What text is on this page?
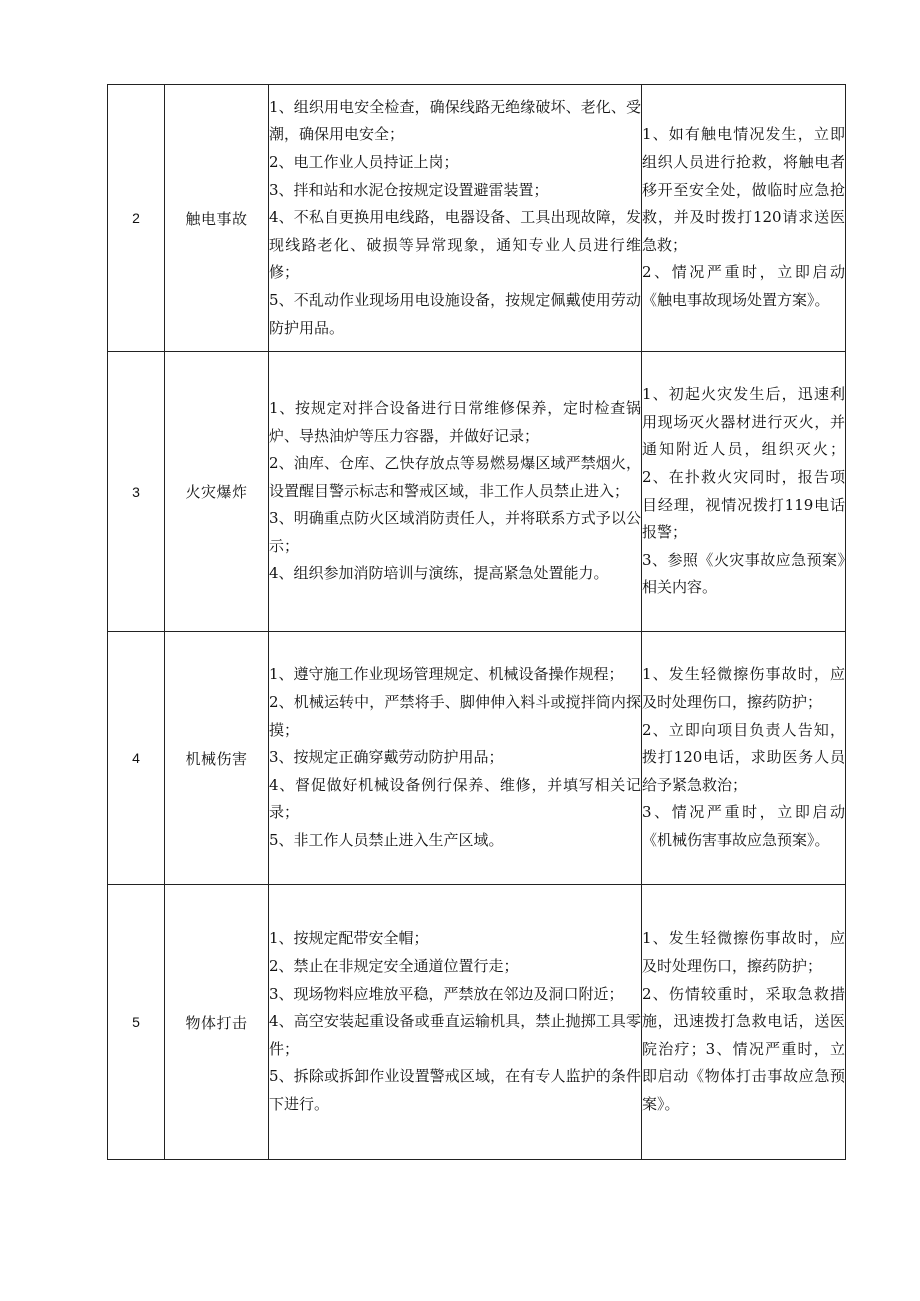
2	触电事故	1、组织用电安全检查，确保线路无绝缘破坏、老化、受潮，确保用电安全；
2、电工作业人员持证上岗；
3、拌和站和水泥仓按规定设置避雷装置；
4、不私自更换用电线路，电器设备、工具出现故障，发现线路老化、破损等异常现象，通知专业人员进行维修；
5、不乱动作业现场用电设施设备，按规定佩戴使用劳动防护用品。	1、如有触电情况发生，立即组织人员进行抢救，将触电者移开至安全处，做临时应急抢救，并及时拨打120请求送医急救；
2、情况严重时，立即启动《触电事故现场处置方案》。

3	火灾爆炸	1、按规定对拌合设备进行日常维修保养，定时检查锅炉、导热油炉等压力容器，并做好记录；
2、油库、仓库、乙快存放点等易燃易爆区域严禁烟火，设置醒目警示标志和警戒区域，非工作人员禁止进入；
3、明确重点防火区域消防责任人，并将联系方式予以公示；
4、组织参加消防培训与演练，提高紧急处置能力。	1、初起火灾发生后，迅速利用现场灭火器材进行灭火，并通知附近人员，组织灭火；2、在扑救火灾同时，报告项目经理，视情况拨打119电话报警；
3、参照《火灾事故应急预案》相关内容。

4	机械伤害	1、遵守施工作业现场管理规定、机械设备操作规程；
2、机械运转中，严禁将手、脚伸伸入料斗或搅拌筒内探摸；
3、按规定正确穿戴劳动防护用品；
4、督促做好机械设备例行保养、维修，并填写相关记录；
5、非工作人员禁止进入生产区域。	1、发生轻微擦伤事故时，应及时处理伤口，擦药防护；
2、立即向项目负责人告知，拨打120电话，求助医务人员给予紧急救治；
3、情况严重时，立即启动《机械伤害事故应急预案》。

5	物体打击	1、按规定配带安全帽；
2、禁止在非规定安全通道位置行走；
3、现场物料应堆放平稳，严禁放在邻边及洞口附近；
4、高空安装起重设备或垂直运输机具，禁止抛掷工具零件；
5、拆除或拆卸作业设置警戒区域，在有专人监护的条件下进行。	1、发生轻微擦伤事故时，应及时处理伤口，擦药防护；
2、伤情较重时，采取急救措施，迅速拨打急救电话，送医院治疗；3、情况严重时，立即启动《物体打击事故应急预案》。
